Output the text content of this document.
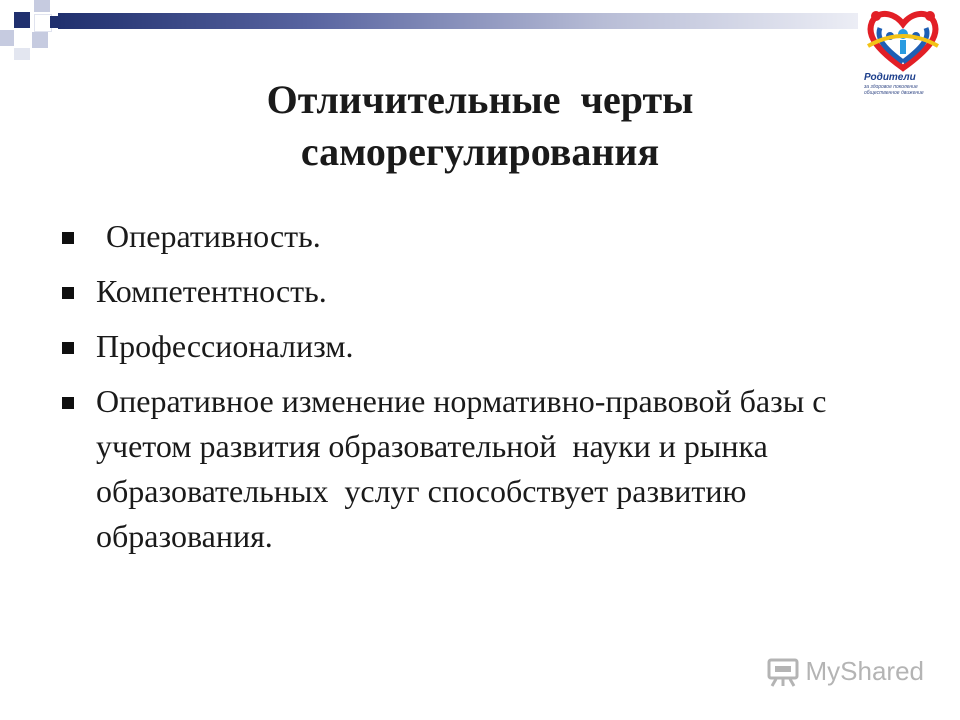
Родители
за здоровое поколение общественное движение
Отличительные  черты
саморегулирования
Оперативность.
Компетентность.
Профессионализм.
Оперативное изменение нормативно-правовой базы с учетом развития образовательной  науки и рынка образовательных  услуг способствует развитию образования.
MyShared
